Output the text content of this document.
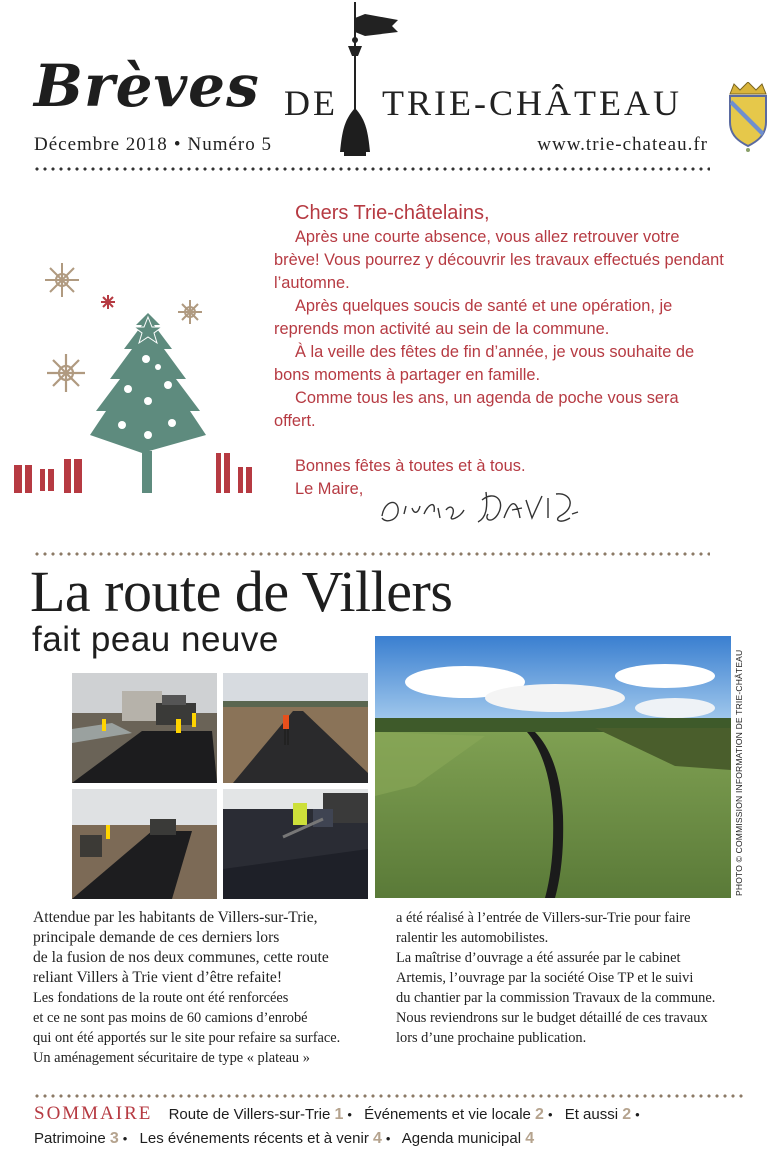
Brèves DE TRIE-CHÂTEAU
Décembre 2018 • Numéro 5	www.trie-chateau.fr
Chers Trie-châtelains,

Après une courte absence, vous allez retrouver votre brève! Vous pourrez y découvrir les travaux effectués pendant l’automne.

Après quelques soucis de santé et une opération, je reprends mon activité au sein de la commune.

À la veille des fêtes de fin d’année, je vous souhaite de bons moments à partager en famille.

Comme tous les ans, un agenda de poche vous sera offert.

Bonnes fêtes à toutes et à tous.

Le Maire,

La route de Villers
fait peau neuve
PHOTO © COMMISSION INFORMATION DE TRIE-CHÂTEAU

Attendue par les habitants de Villers-sur-Trie,

principale demande de ces derniers lors

de la fusion de nos deux communes, cette route

reliant Villers à Trie vient d’être refaite!

Les fondations de la route ont été renforcées

et ce ne sont pas moins de 60 camions d’enrobé

qui ont été apportés sur le site pour refaire sa surface.

Un aménagement sécuritaire de type « plateau »

a été réalisé à l’entrée de Villers-sur-Trie pour faire

ralentir les automobilistes.

La maîtrise d’ouvrage a été assurée par le cabinet

Artemis, l’ouvrage par la société Oise TP et le suivi

du chantier par la commission Travaux de la commune.

Nous reviendrons sur le budget détaillé de ces travaux

lors d’une prochaine publication.

SOMMAIRE Route de Villers-sur-Trie 1 • Événements et vie locale 2 • Et aussi 2 •
Patrimoine 3 • Les événements récents et à venir 4 • Agenda municipal 4
